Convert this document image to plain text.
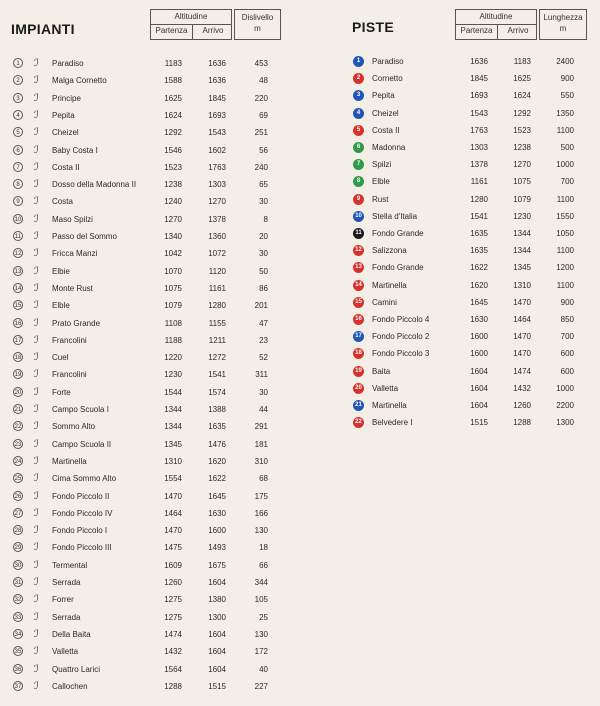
IMPIANTI
Altitudine
Partenza	Arrivo
Dislivello
m
1	ℐ Paradiso	1183	1636	453
2	ℐ Malga Cornetto	1588	1636	48
3	ℐ Principe	1625	1845	220
4	ℐ Pepita	1624	1693	69
5	ℐ Cheizel	1292	1543	251
6	ℐ Baby Costa I	1546	1602	56
7	ℐ Costa II	1523	1763	240
8	ℐ Dosso della Madonna II	1238	1303	65
9	ℐ Costa	1240	1270	30
10 ℐ Maso Spilzi	1270	1378	8
11 ℐ Passo del Sommo	1340	1360	20
12 ℐ Fricca Manzi	1042	1072	30
13 ℐ Elbie	1070	1120	50
14 ℐ Monte Rust	1075	1161	86
15 ℐ Elble	1079	1280	201
16 ℐ Prato Grande	1108	1155	47
17 ℐ Francolini	1188	1211	23
18 ℐ Cuel	1220	1272	52
19 ℐ Francolini	1230	1541	311
20 ℐ Forte	1544	1574	30
21 ℐ Campo Scuola I	1344	1388	44
22 ℐ Sommo Alto	1344	1635	291
23 ℐ Campo Scuola II	1345	1476	181
24 ℐ Martinella	1310	1620	310
25 ℐ Cima Sommo Alto	1554	1622	68
26 ℐ Fondo Piccolo II	1470	1645	175
27 ℐ Fondo Piccolo IV	1464	1630	166
28 ℐ Fondo Piccolo I	1470	1600	130
29 ℐ Fondo Piccolo III	1475	1493	18
30 ℐ Termental	1609	1675	66
31 ℐ Serrada	1260	1604	344
32 ℐ Forrer	1275	1380	105
33 ℐ Serrada	1275	1300	25
34 ℐ Della Baita	1474	1604	130
35 ℐ Valletta	1432	1604	172
36 ℐ Quattro Larici	1564	1604	40
37 ℐ Callochen	1288	1515	227
PISTE
Altitudine
Partenza	Arrivo
Lunghezza
m
1	Paradiso	1636	1183	2400
2	Cornetto	1845	1625	900
3	Pepita	1693	1624	550
4	Cheizel	1543	1292	1350
5	Costa II	1763	1523	1100
6	Madonna	1303	1238	500
7	Spilzi	1378	1270	1000
8	Elble	1161	1075	700
9	Rust	1280	1079	1100
10 Stella d'Italia	1541	1230	1550
11 Fondo Grande	1635	1344	1050
12 Salizzona	1635	1344	1100
13 Fondo Grande	1622	1345	1200
14 Martinella	1620	1310	1100
15 Camini	1645	1470	900
16 Fondo Piccolo 4	1630	1464	850
17 Fondo Piccolo 2	1600	1470	700
18 Fondo Piccolo 3	1600	1470	600
19 Baita	1604	1474	600
20 Valletta	1604	1432	1000
21 Martinella	1604	1260	2200
22 Belvedere I	1515	1288	1300
